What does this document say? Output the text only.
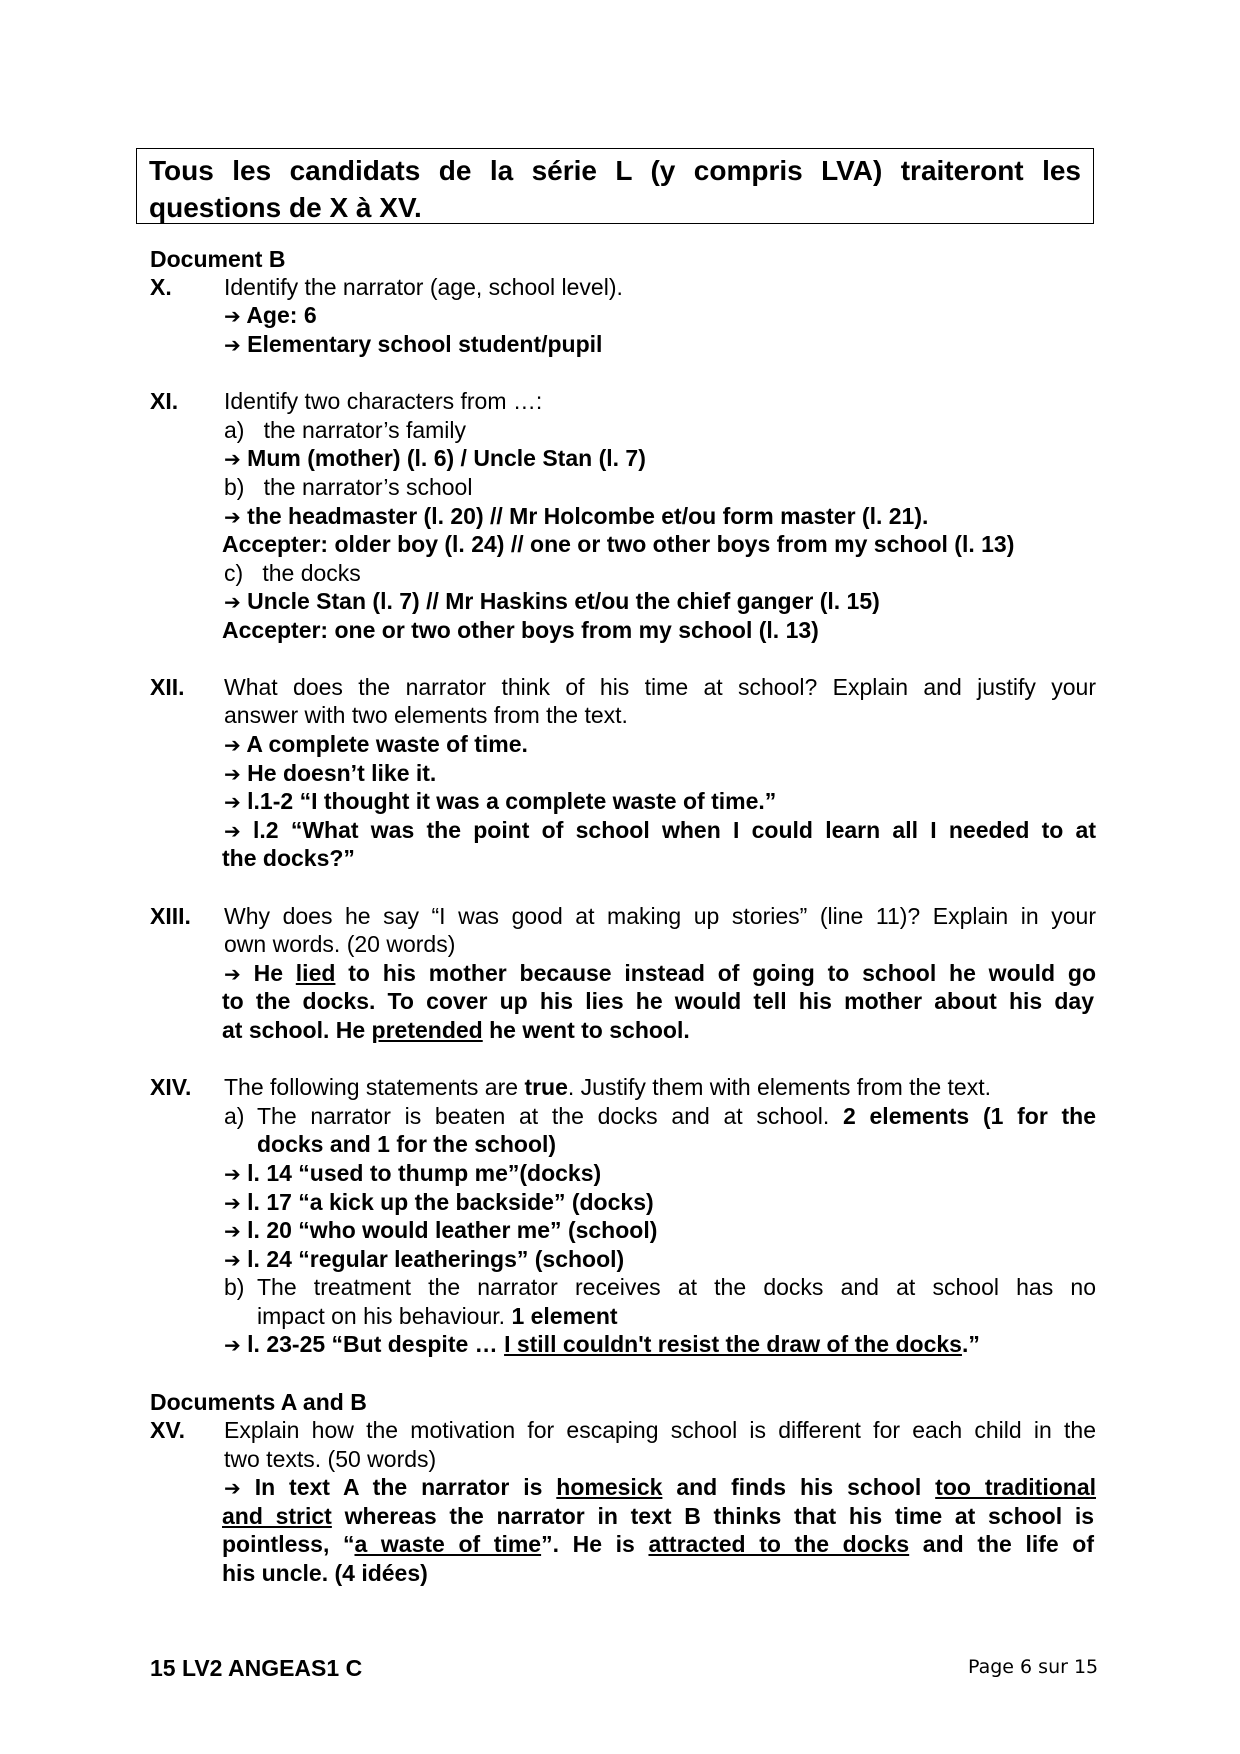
Tous les candidats de la série L (y compris LVA) traiteront les

questions de X à XV.

Document B
X. Identify the narrator (age, school level).
➔ Age: 6
➔ Elementary school student/pupil
XI. Identify two characters from …:
a) the narrator’s family
➔ Mum (mother) (l. 6) / Uncle Stan (l. 7)
b) the narrator’s school
➔ the headmaster (l. 20) // Mr Holcombe et/ou form master (l. 21).
Accepter: older boy (l. 24) // one or two other boys from my school (l. 13)
c) the docks
➔ Uncle Stan (l. 7) // Mr Haskins et/ou the chief ganger (l. 15)
Accepter: one or two other boys from my school (l. 13)
XII. What does the narrator think of his time at school? Explain and justify your
answer with two elements from the text.
➔ A complete waste of time.
➔ He doesn’t like it.
➔ l.1-2 “I thought it was a complete waste of time.”
➔ l.2 “What was the point of school when I could learn all I needed to at
the docks?”
XIII. Why does he say “I was good at making up stories” (line 11)? Explain in your
own words. (20 words)
➔ He lied to his mother because instead of going to school he would go
to the docks. To cover up his lies he would tell his mother about his day
at school. He pretended he went to school.
XIV. The following statements are true. Justify them with elements from the text.
a) The narrator is beaten at the docks and at school. 2 elements (1 for the
docks and 1 for the school)
➔ l. 14 “used to thump me”(docks)
➔ l. 17 “a kick up the backside” (docks)
➔ l. 20 “who would leather me” (school)
➔ l. 24 “regular leatherings” (school)
b) The treatment the narrator receives at the docks and at school has no
impact on his behaviour. 1 element
➔ l. 23-25 “But despite … I still couldn't resist the draw of the docks.”
Documents A and B
XV. Explain how the motivation for escaping school is different for each child in the
two texts. (50 words)
➔ In text A the narrator is homesick and finds his school too traditional
and strict whereas the narrator in text B thinks that his time at school is
pointless, “a waste of time”. He is attracted to the docks and the life of
his uncle. (4 idées)
15 LV2 ANGEAS1 C	Page 6 sur 15
